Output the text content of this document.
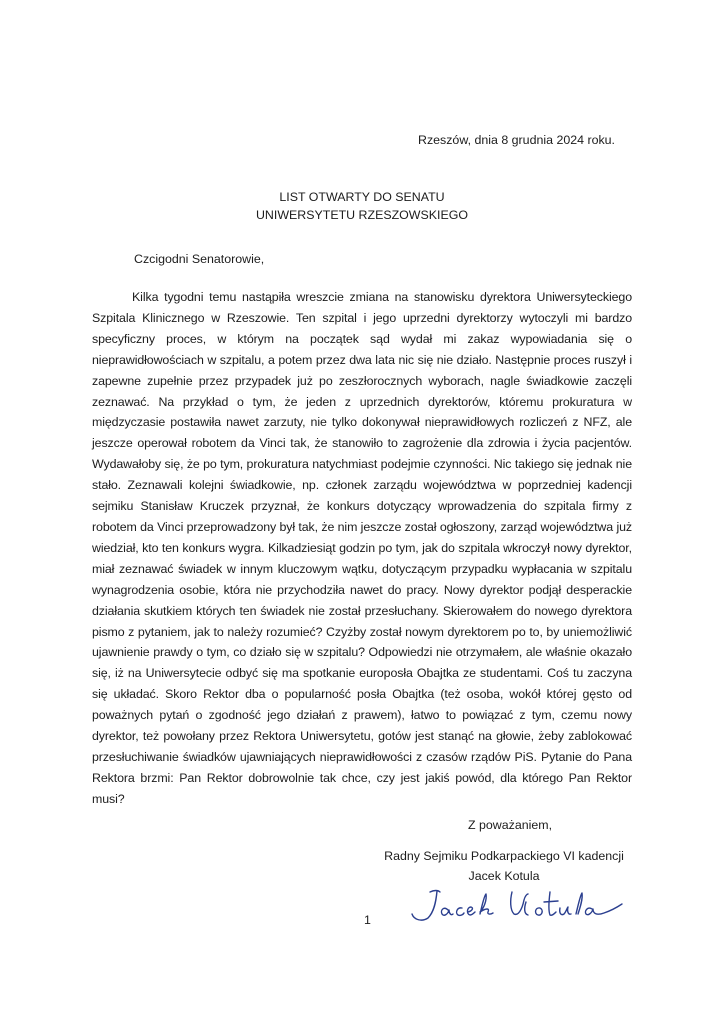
Rzeszów, dnia 8 grudnia 2024 roku.
LIST OTWARTY DO SENATU
UNIWERSYTETU RZESZOWSKIEGO
Czcigodni Senatorowie,
Kilka tygodni temu nastąpiła wreszcie zmiana na stanowisku dyrektora Uniwersyteckiego Szpitala Klinicznego w Rzeszowie. Ten szpital i jego uprzedni dyrektorzy wytoczyli mi bardzo specyficzny proces, w którym na początek sąd wydał mi zakaz wypowiadania się o nieprawidłowościach w szpitalu, a potem przez dwa lata nic się nie działo. Następnie proces ruszył i zapewne zupełnie przez przypadek już po zeszłorocznych wyborach, nagle świadkowie zaczęli zeznawać. Na przykład o tym, że jeden z uprzednich dyrektorów, któremu prokuratura w międzyczasie postawiła nawet zarzuty, nie tylko dokonywał nieprawidłowych rozliczeń z NFZ, ale jeszcze operował robotem da Vinci tak, że stanowiło to zagrożenie dla zdrowia i życia pacjentów. Wydawałoby się, że po tym, prokuratura natychmiast podejmie czynności. Nic takiego się jednak nie stało. Zeznawali kolejni świadkowie, np. członek zarządu województwa w poprzedniej kadencji sejmiku Stanisław Kruczek przyznał, że konkurs dotyczący wprowadzenia do szpitala firmy z robotem da Vinci przeprowadzony był tak, że nim jeszcze został ogłoszony, zarząd województwa już wiedział, kto ten konkurs wygra. Kilkadziesiąt godzin po tym, jak do szpitala wkroczył nowy dyrektor, miał zeznawać świadek w innym kluczowym wątku, dotyczącym przypadku wypłacania w szpitalu wynagrodzenia osobie, która nie przychodziła nawet do pracy. Nowy dyrektor podjął desperackie działania skutkiem których ten świadek nie został przesłuchany. Skierowałem do nowego dyrektora pismo z pytaniem, jak to należy rozumieć? Czyżby został nowym dyrektorem po to, by uniemożliwić ujawnienie prawdy o tym, co działo się w szpitalu? Odpowiedzi nie otrzymałem, ale właśnie okazało się, iż na Uniwersytecie odbyć się ma spotkanie europosła Obajtka ze studentami. Coś tu zaczyna się układać. Skoro Rektor dba o popularność posła Obajtka (też osoba, wokół której gęsto od poważnych pytań o zgodność jego działań z prawem), łatwo to powiązać z tym, czemu nowy dyrektor, też powołany przez Rektora Uniwersytetu, gotów jest stanąć na głowie, żeby zablokować przesłuchiwanie świadków ujawniających nieprawidłowości z czasów rządów PiS. Pytanie do Pana Rektora brzmi: Pan Rektor dobrowolnie tak chce, czy jest jakiś powód, dla którego Pan Rektor musi?
Z poważaniem,
Radny Sejmiku Podkarpackiego VI kadencji
Jacek Kotula
1
